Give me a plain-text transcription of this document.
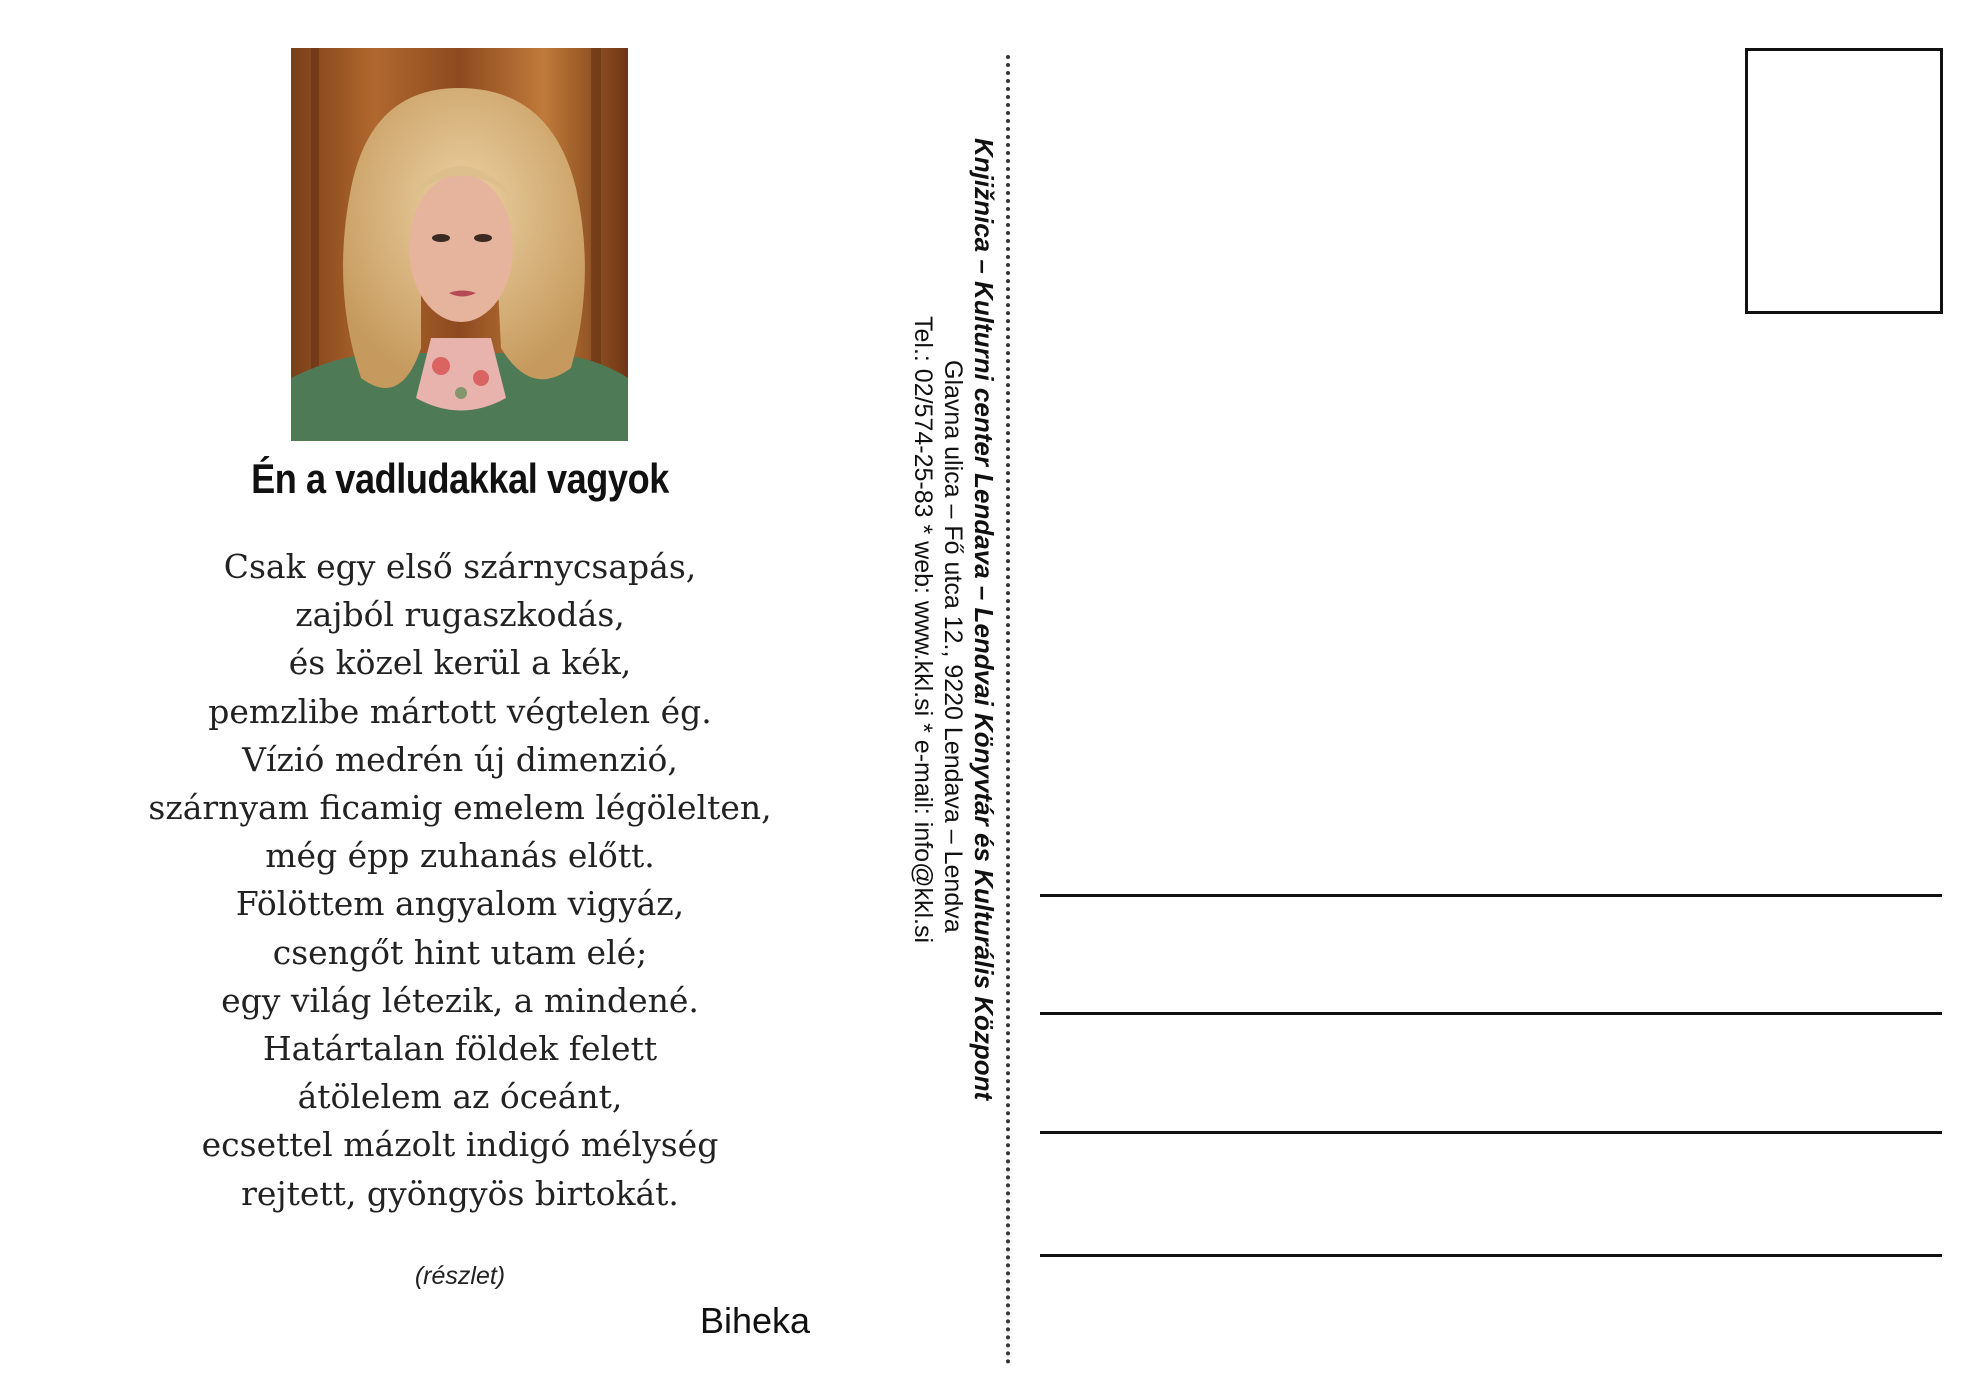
Én a vadludakkal vagyok
Csak egy első szárnycsapás,
zajból rugaszkodás,
és közel kerül a kék,
pemzlibe mártott végtelen ég.
Vízió medrén új dimenzió,
szárnyam ficamig emelem légölelten,
még épp zuhanás előtt.
Fölöttem angyalom vigyáz,
csengőt hint utam elé;
egy világ létezik, a mindené.
Határtalan földek felett
átölelem az óceánt,
ecsettel mázolt indigó mélység
rejtett, gyöngyös birtokát.
(részlet)
Biheka
Knjižnica – Kulturni center Lendava – Lendvai Könyvtár és Kulturális Központ
Glavna ulica – Fő utca 12., 9220 Lendava – Lendva
Tel.: 02/574-25-83 * web: www.kkl.si * e-mail: info@kkl.si
